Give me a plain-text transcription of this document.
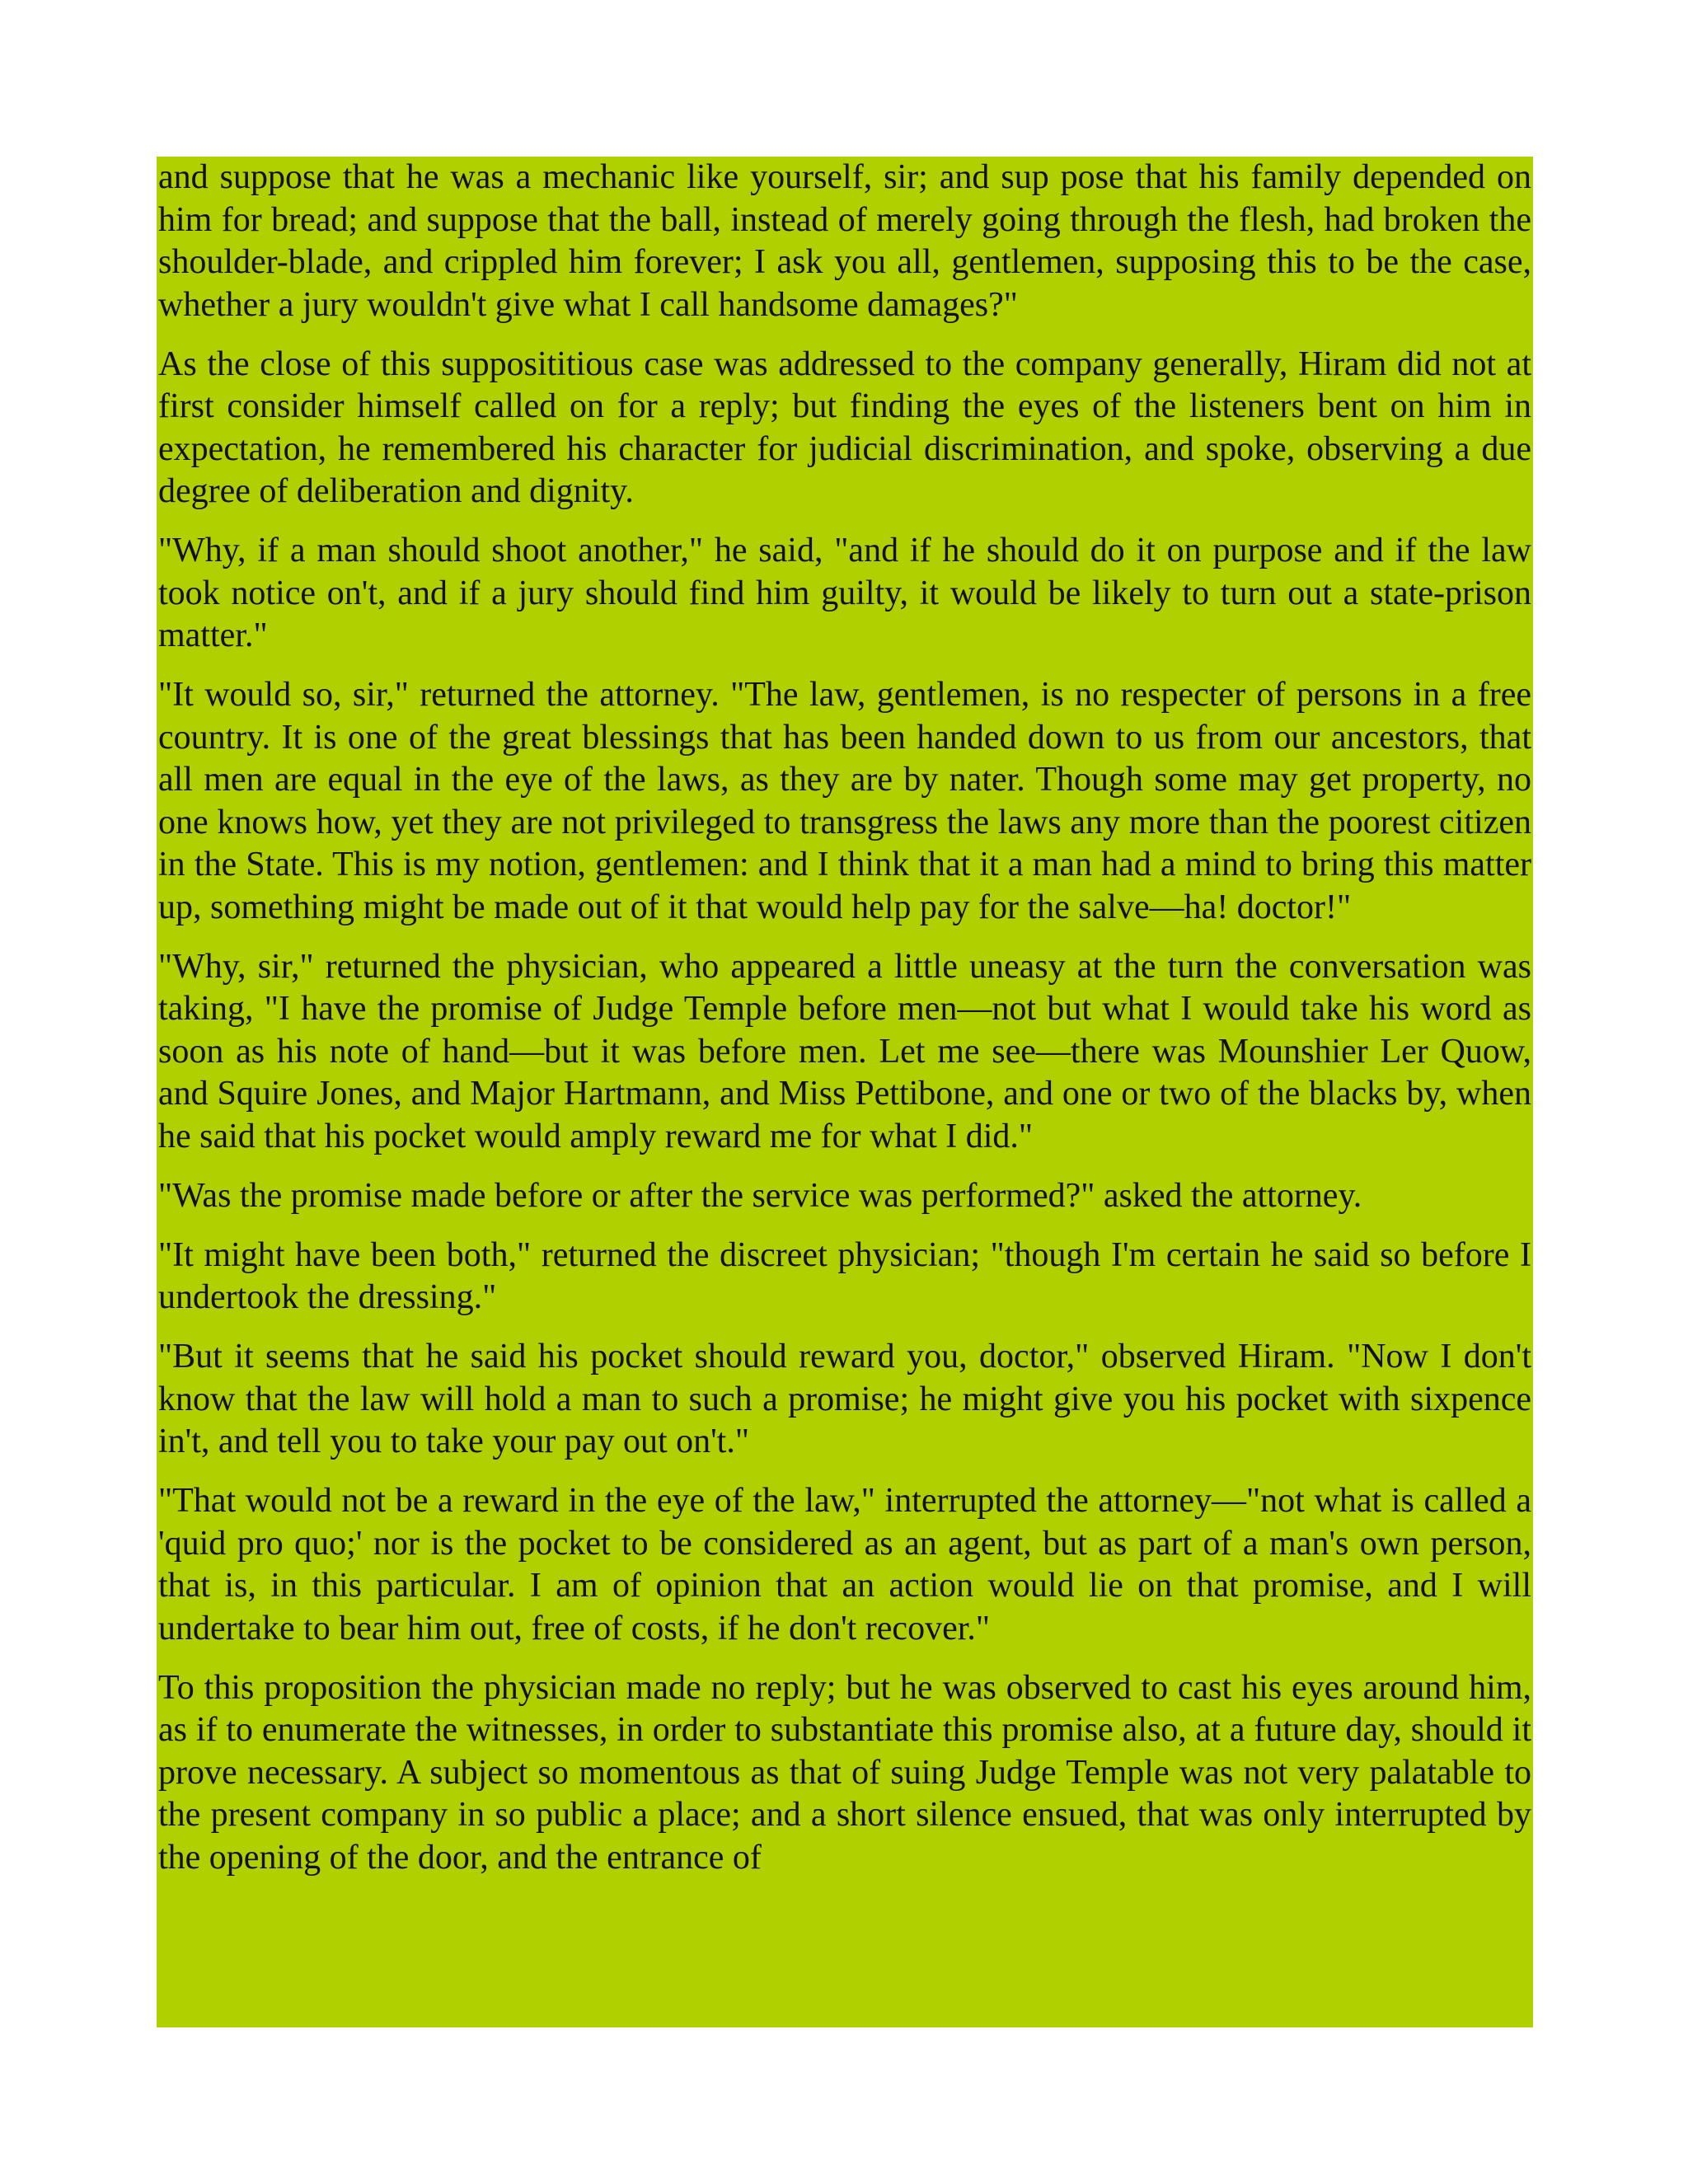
and suppose that he was a mechanic like yourself, sir; and sup pose that his family depended on him for bread; and suppose that the ball, instead of merely going through the flesh, had broken the shoulder-blade, and crippled him forever; I ask you all, gentlemen, supposing this to be the case, whether a jury wouldn't give what I call handsome damages?"

As the close of this supposititious case was addressed to the company generally, Hiram did not at first consider himself called on for a reply; but finding the eyes of the listeners bent on him in expectation, he remembered his character for judicial discrimination, and spoke, observing a due degree of deliberation and dignity.

"Why, if a man should shoot another," he said, "and if he should do it on purpose and if the law took notice on't, and if a jury should find him guilty, it would be likely to turn out a state-prison matter."

"It would so, sir," returned the attorney. "The law, gentlemen, is no respecter of persons in a free country. It is one of the great blessings that has been handed down to us from our ancestors, that all men are equal in the eye of the laws, as they are by nater. Though some may get property, no one knows how, yet they are not privileged to transgress the laws any more than the poorest citizen in the State. This is my notion, gentlemen: and I think that it a man had a mind to bring this matter up, something might be made out of it that would help pay for the salve—ha! doctor!"

"Why, sir," returned the physician, who appeared a little uneasy at the turn the conversation was taking, "I have the promise of Judge Temple before men—not but what I would take his word as soon as his note of hand—but it was before men. Let me see—there was Mounshier Ler Quow, and Squire Jones, and Major Hartmann, and Miss Pettibone, and one or two of the blacks by, when he said that his pocket would amply reward me for what I did."

"Was the promise made before or after the service was performed?" asked the attorney.

"It might have been both," returned the discreet physician; "though I'm certain he said so before I undertook the dressing."

"But it seems that he said his pocket should reward you, doctor," observed Hiram. "Now I don't know that the law will hold a man to such a promise; he might give you his pocket with sixpence in't, and tell you to take your pay out on't."

"That would not be a reward in the eye of the law," interrupted the attorney—"not what is called a 'quid pro quo;' nor is the pocket to be considered as an agent, but as part of a man's own person, that is, in this particular. I am of opinion that an action would lie on that promise, and I will undertake to bear him out, free of costs, if he don't recover."

To this proposition the physician made no reply; but he was observed to cast his eyes around him, as if to enumerate the witnesses, in order to substantiate this promise also, at a future day, should it prove necessary. A subject so momentous as that of suing Judge Temple was not very palatable to the present company in so public a place; and a short silence ensued, that was only interrupted by the opening of the door, and the entrance of
